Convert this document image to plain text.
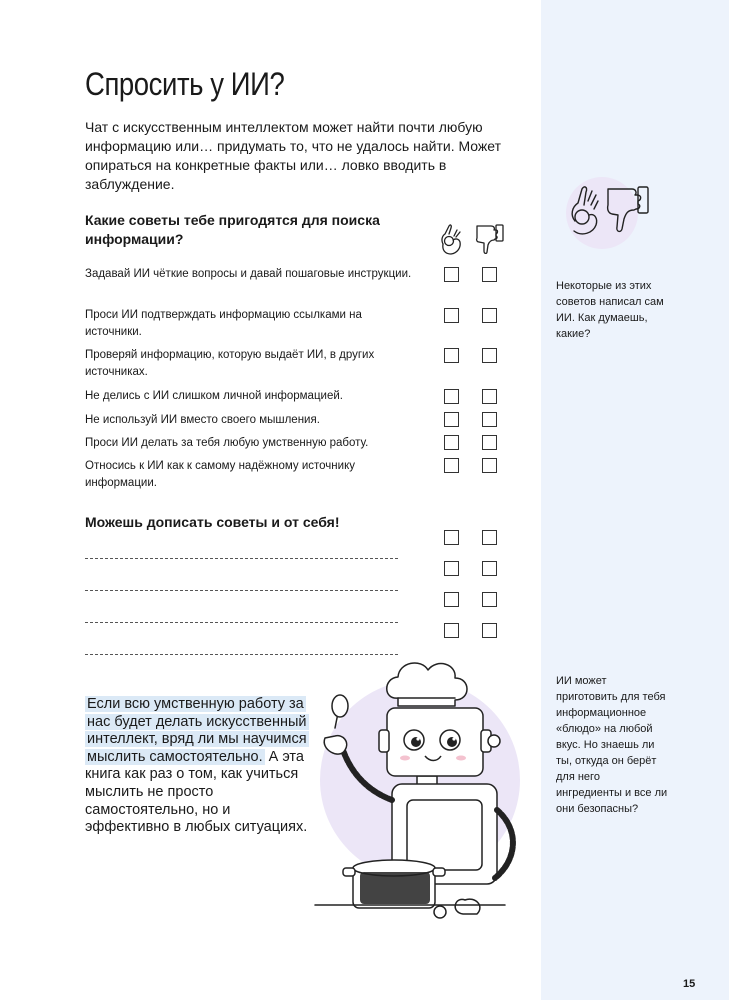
Спросить у ИИ?

Чат с искусственным интеллектом может найти почти любую информацию или… придумать то, что не удалось найти. Может опираться на конкретные факты или… ловко вводить в заблуждение.

Какие советы тебе пригодятся для поиска информации?
Задавай ИИ чёткие вопросы и давай пошаговые инструкции.
Проси ИИ подтверждать информацию ссылками на источники.
Проверяй информацию, которую выдаёт ИИ, в других источниках.
Не делись с ИИ слишком личной информацией.
Не используй ИИ вместо своего мышления.
Проси ИИ делать за тебя любую умственную работу.
Относись к ИИ как к самому надёжному источнику информации.
Можешь дописать советы и от себя!

Некоторые из этих советов написал сам ИИ. Как думаешь, какие?

ИИ может приготовить для тебя информационное «блюдо» на любой вкус. Но знаешь ли ты, откуда он берёт для него ингредиенты и все ли они безопасны?

Если всю умственную работу за нас будет делать искусственный интеллект, вряд ли мы научимся мыслить самостоятельно. А эта книга как раз о том, как учиться мыслить не просто самостоятельно, но и эффективно в любых ситуациях.
15
